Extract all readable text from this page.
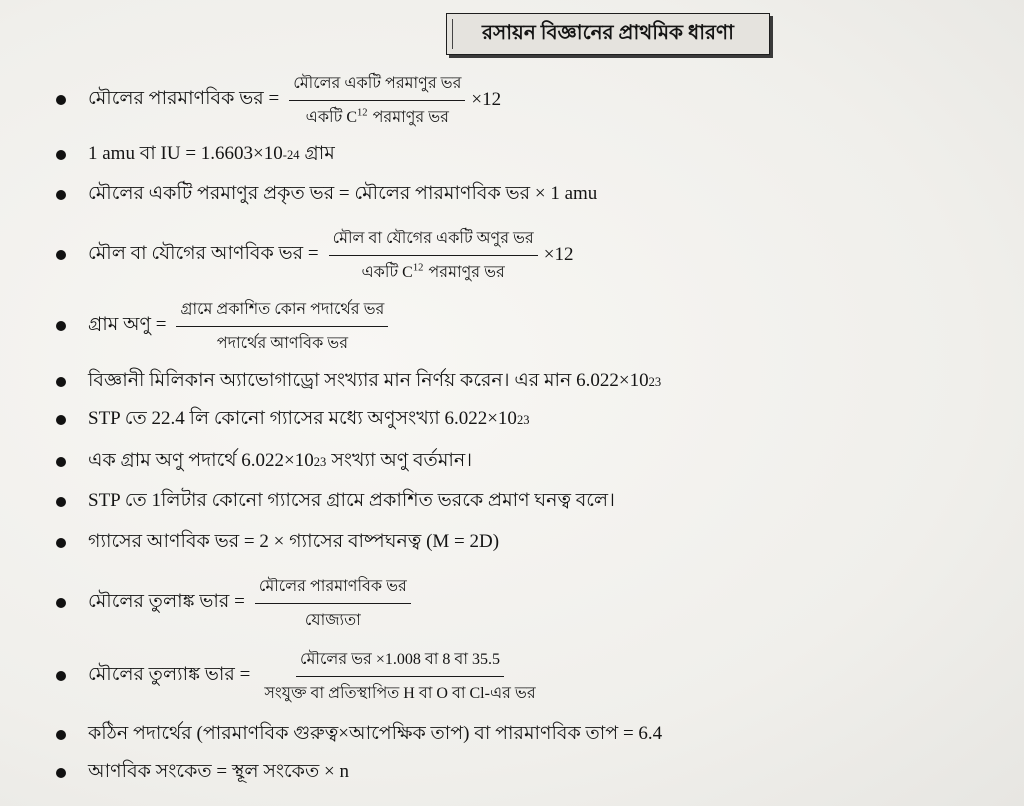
রসায়ন বিজ্ঞানের প্রাথমিক ধারণা
মৌলের পারমাণবিক ভর = $\frac{\text{মৌলের একটি পরমাণুর ভর}}{একটি C^{12} পরমাণুর ভর} \times 12$
1 amu বা IU = 1.6603×10 -24 গ্রাম
মৌলের একটি পরমাণুর প্রকৃত ভর = মৌলের পারমাণবিক ভর × 1 amu
মৌল বা যৌগের আণবিক ভর = $\frac{\text{মৌল বা যৌগের একটি অণুর ভর}}{একটি C^{12} পরমাণুর ভর} \times 12$
গ্রাম অণু = $\frac{\text{গ্রামে প্রকাশিত কোন পদার্থের ভর}}{\text{পদার্থের আণবিক ভর}}$
বিজ্ঞানী মিলিকান অ্যাভোগাড্রো সংখ্যার মান নির্ণয় করেন। এর মান 6.022×10 23
STP তে 22.4 লি কোনো গ্যাসের মধ্যে অণুসংখ্যা 6.022×10 23
এক গ্রাম অণু পদার্থে 6.022×10 23 সংখ্যা অণু বর্তমান।
STP তে 1লিটার কোনো গ্যাসের গ্রামে প্রকাশিত ভরকে প্রমাণ ঘনত্ব বলে।
গ্যাসের আণবিক ভর = 2 × গ্যাসের বাষ্পঘনত্ব (M = 2D)
মৌলের তুলাঙ্ক ভার = $\frac{\text{মৌলের পারমাণবিক ভর}}{\text{যোজ্যতা}}$
মৌলের তুল্যাঙ্ক ভার = $\frac{\text{মৌলের ভর ×1.008 বা 8 বা 35.5}}{\text{সংযুক্ত বা প্রতিস্থাপিত H বা O বা Cl-এর ভর}}$
কঠিন পদার্থের (পারমাণবিক গুরুত্ব×আপেক্ষিক তাপ) বা পারমাণবিক তাপ = 6.4
আণবিক সংকেত = স্থূল সংকেত × n
